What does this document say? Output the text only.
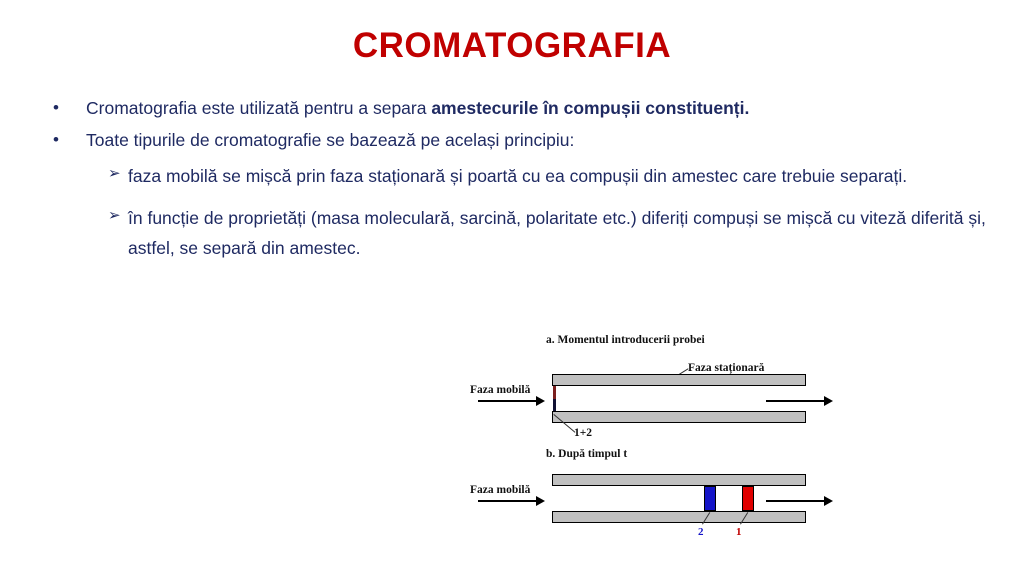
CROMATOGRAFIA
•	Cromatografia este utilizată pentru a separa amestecurile în compușii constituenți.
•	Toate tipurile de cromatografie se bazează pe același principiu:
➢ faza mobilă se mișcă prin faza staționară și poartă cu ea compușii din amestec care trebuie separați.
➢ în funcție de proprietăți (masa moleculară, sarcină, polaritate etc.) diferiți compuși se mișcă cu viteză diferită și, astfel, se separă din amestec.
a. Momentul introducerii probei
Faza staționară
Faza mobilă
1+2
b. După timpul t
Faza mobilă
2	1
